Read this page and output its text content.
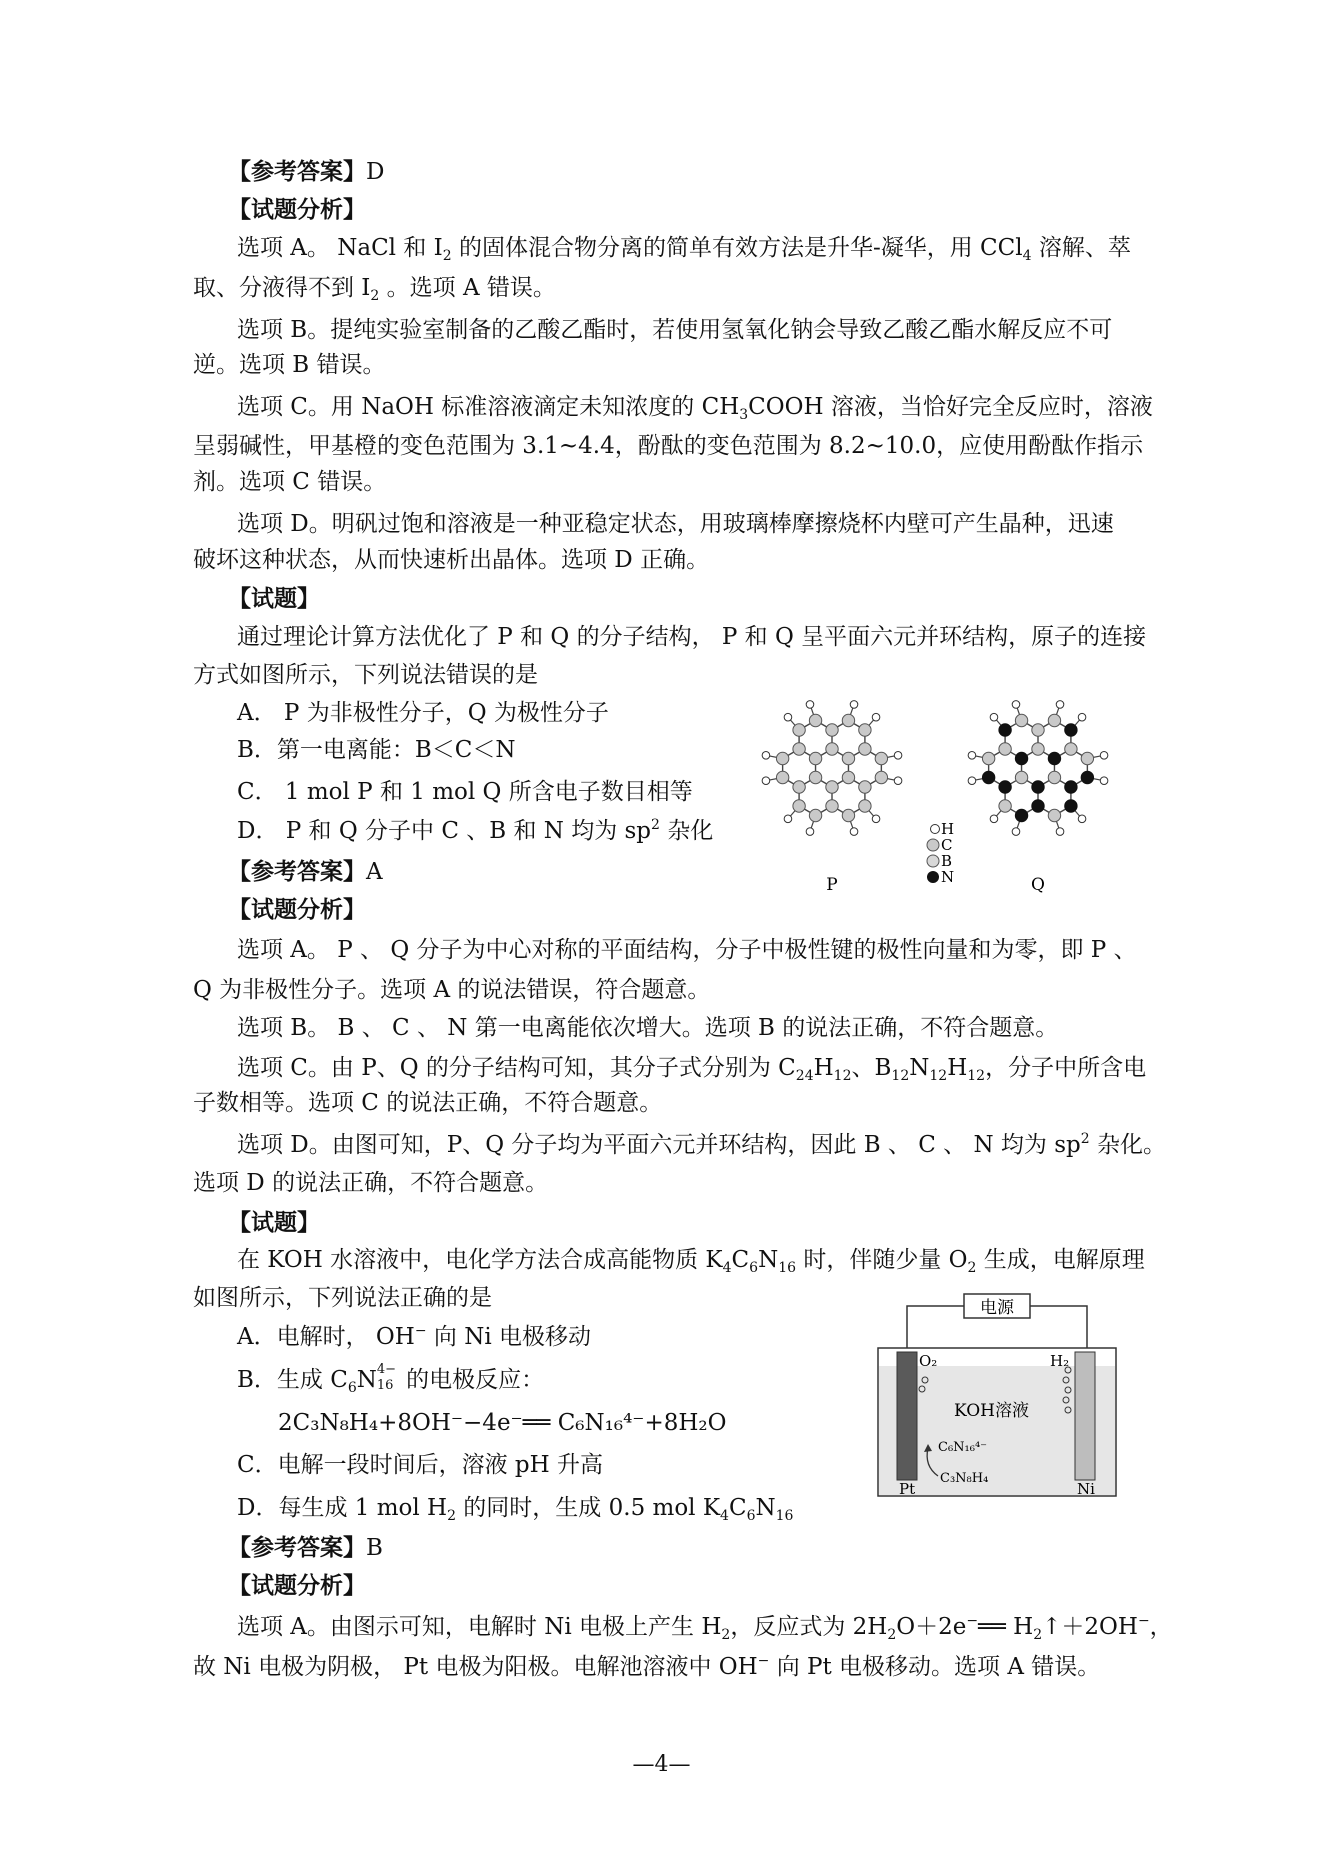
【参考答案】D
【试题分析】
选项 A。 NaCl 和 $I_2$ 的固体混合物分离的简单有效方法是升华-凝华，用 CCl$_4$ 溶解、萃
取、分液得不到 $I_2$ 。选项 A 错误。
选项 B。提纯实验室制备的乙酸乙酯时，若使用氢氧化钠会导致乙酸乙酯水解反应不可
逆。选项 B 错误。
选项 C。用 NaOH 标准溶液滴定未知浓度的 $CH_3COOH$ 溶液，当恰好完全反应时，溶液
呈弱碱性，甲基橙的变色范围为 3.1~4.4，酚酞的变色范围为 8.2~10.0，应使用酚酞作指示
剂。选项 C 错误。
选项 D。明矾过饱和溶液是一种亚稳定状态，用玻璃棒摩擦烧杯内壁可产生晶种，迅速
破坏这种状态，从而快速析出晶体。选项 D 正确。
【试题】
通过理论计算方法优化了 P 和 Q 的分子结构， P 和 Q 呈平面六元并环结构，原子的连接
方式如图所示，下列说法错误的是
A． P 为非极性分子，Q 为极性分子
B．第一电离能：B＜C＜N
C． 1 mol P 和 1 mol Q 所含电子数目相等
D． P 和 Q 分子中 C 、B 和 N 均为 $sp^2$ 杂化
【参考答案】A
【试题分析】
选项 A。 P 、 Q 分子为中心对称的平面结构，分子中极性键的极性向量和为零，即 P 、
Q 为非极性分子。选项 A 的说法错误，符合题意。
选项 B。 B 、 C 、 N 第一电离能依次增大。选项 B 的说法正确，不符合题意。
选项 C。由 P、Q 的分子结构可知，其分子式分别为 $C_{24}H_{12}$、$B_{12}N_{12}H_{12}$，分子中所含电
子数相等。选项 C 的说法正确，不符合题意。
选项 D。由图可知，P、Q 分子均为平面六元并环结构，因此 B 、 C 、 N 均为 $sp^2$ 杂化。
选项 D 的说法正确，不符合题意。
P	Q
H
C
B
N
【试题】
在 KOH 水溶液中，电化学方法合成高能物质 $K_4C_6N_{16}$ 时，伴随少量 $O_2$ 生成，电解原理
如图所示，下列说法正确的是
A．电解时， OH− 向 Ni 电极移动
B．生成 $C_6N$ 4−
16 的电极反应：
2C₃N₈H₄+8OH⁻−4e⁻══ C₆N₁₆⁴⁻+8H₂O
C．电解一段时间后，溶液 pH 升高
D．每生成 1 mol $H_2$ 的同时，生成 0.5 mol $K_4C_6N_{16}$
【参考答案】B
【试题分析】
选项 A。由图示可知，电解时 Ni 电极上产生 $H_2$，反应式为 $2H_2O+2e^-══$ $H_2↑+2OH^-$，
故 Ni 电极为阴极， Pt 电极为阳极。电解池溶液中 OH− 向 Pt 电极移动。选项 A 错误。
电源
O₂	H₂
KOH溶液
C₆N₁₆⁴⁻
C₃N₈H₄
Pt	Ni
—4—
